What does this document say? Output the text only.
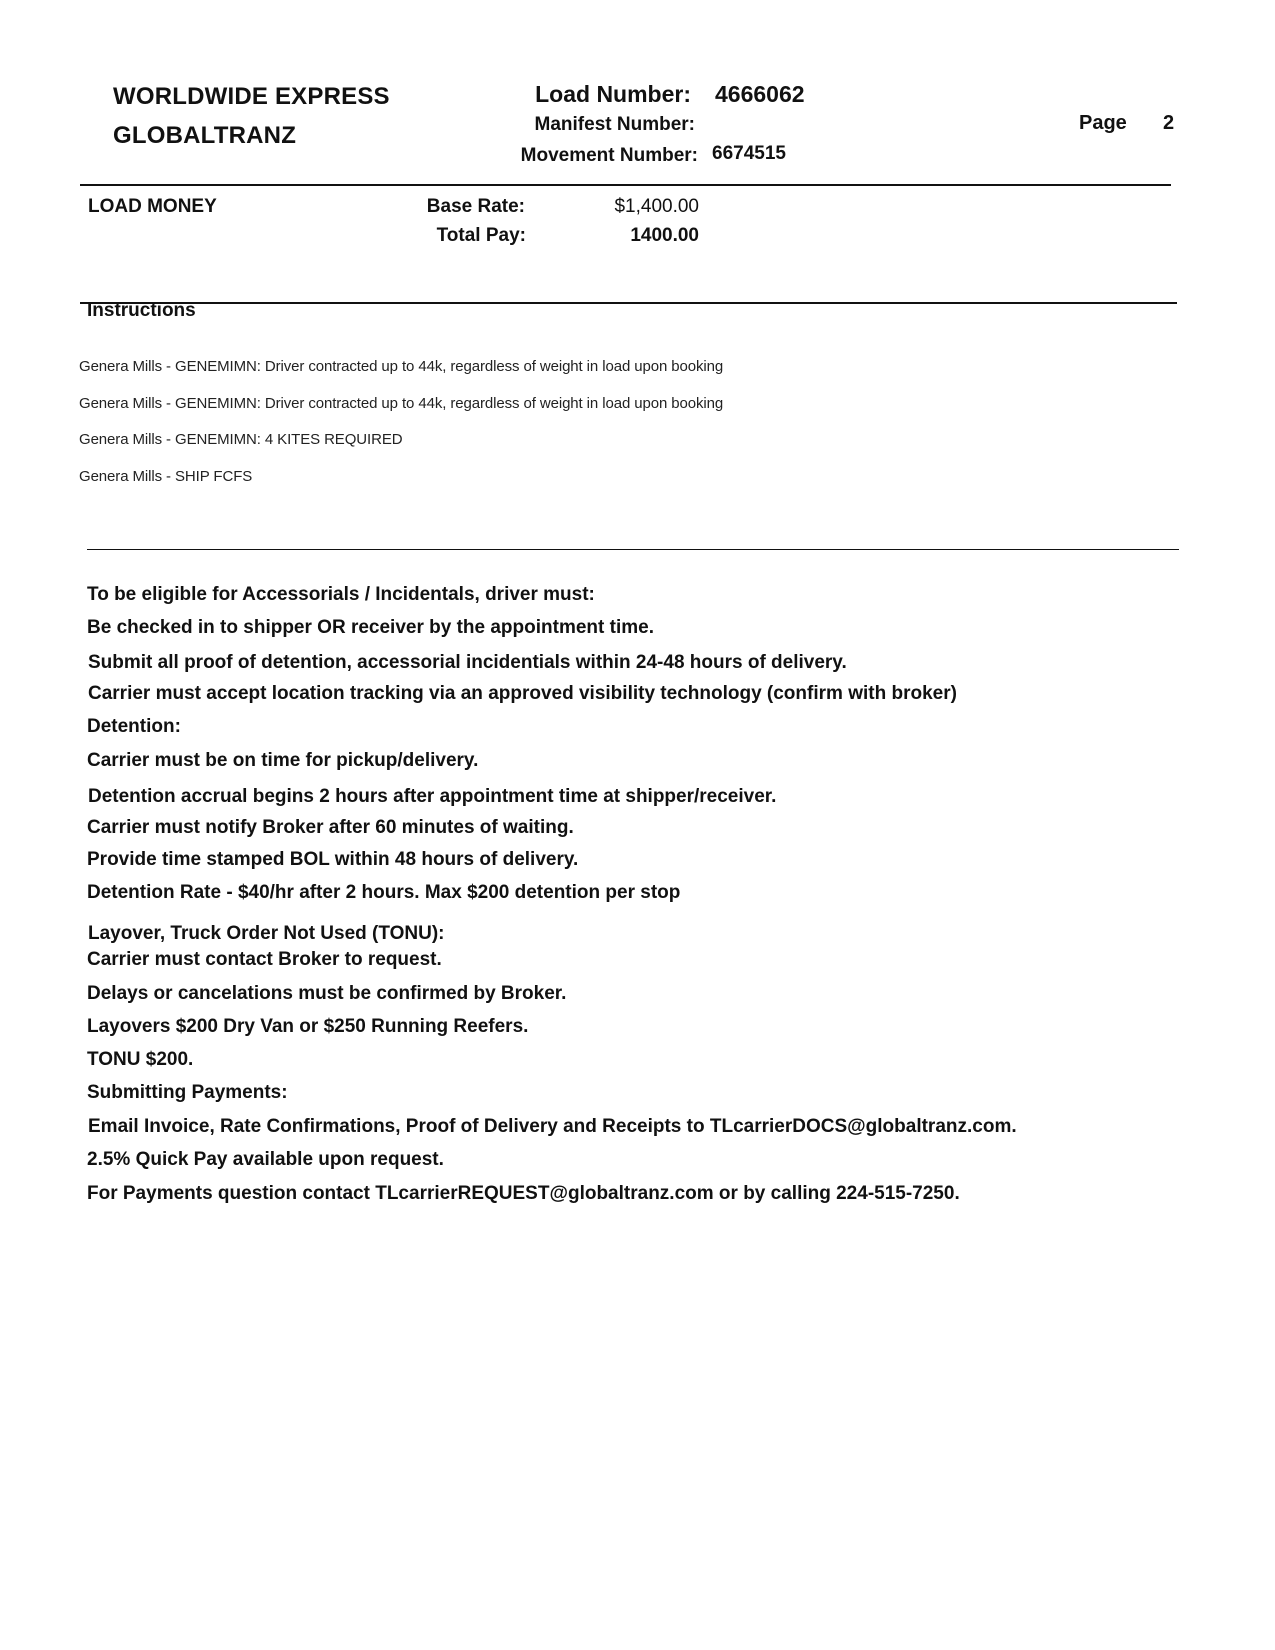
WORLDWIDE EXPRESS
GLOBALTRANZ
Load Number: 4666062
Manifest Number:
Movement Number: 6674515
Page 2
LOAD MONEY	Base Rate:	$1,400.00
Total Pay:	1400.00
Instructions
Genera Mills - GENEMIMN: Driver contracted up to 44k, regardless of weight in load upon booking
Genera Mills - GENEMIMN: Driver contracted up to 44k, regardless of weight in load upon booking
Genera Mills - GENEMIMN: 4 KITES REQUIRED
Genera Mills - SHIP FCFS
To be eligible for Accessorials / Incidentals, driver must:
Be checked in to shipper OR receiver by the appointment time.
Submit all proof of detention, accessorial incidentials within 24-48 hours of delivery.
Carrier must accept location tracking via an approved visibility technology (confirm with broker)
Detention:
Carrier must be on time for pickup/delivery.
Detention accrual begins 2 hours after appointment time at shipper/receiver.
Carrier must notify Broker after 60 minutes of waiting.
Provide time stamped BOL within 48 hours of delivery.
Detention Rate - $40/hr after 2 hours. Max $200 detention per stop
Layover, Truck Order Not Used (TONU):
Carrier must contact Broker to request.
Delays or cancelations must be confirmed by Broker.
Layovers $200 Dry Van or $250 Running Reefers.
TONU $200.
Submitting Payments:
Email Invoice, Rate Confirmations, Proof of Delivery and Receipts to TLcarrierDOCS@globaltranz.com.
2.5% Quick Pay available upon request.
For Payments question contact TLcarrierREQUEST@globaltranz.com or by calling 224-515-7250.
